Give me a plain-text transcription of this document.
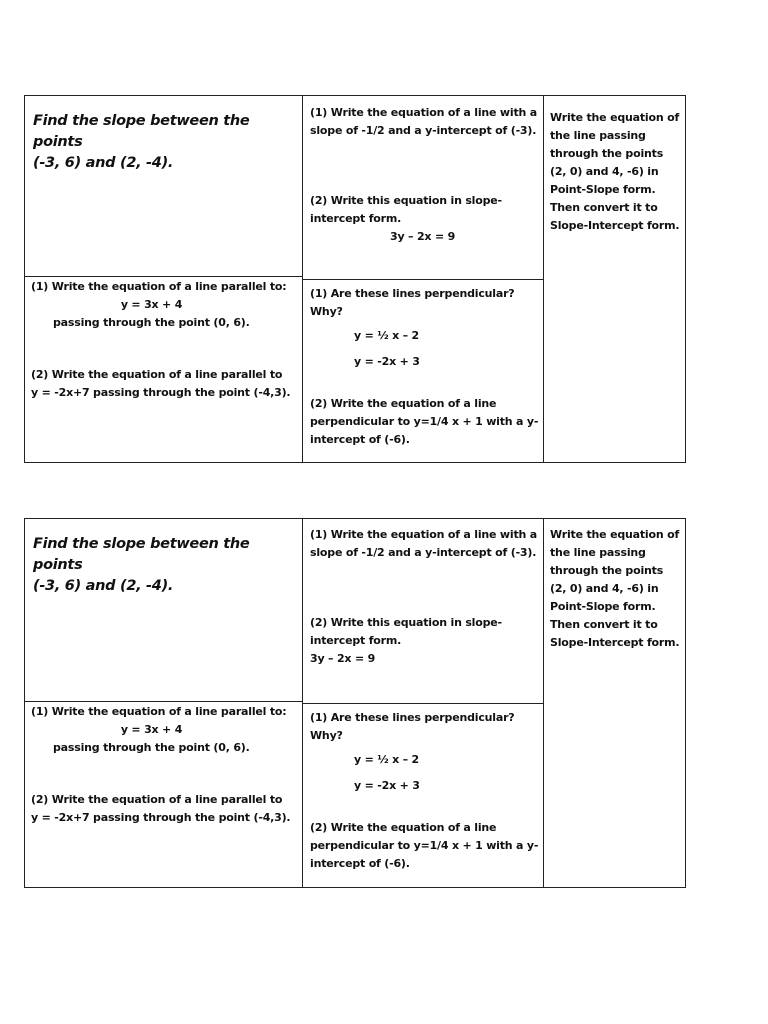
Find the slope between the points

(-3, 6) and (2, -4).

(1) Write the equation of a line with a

slope of -1/2 and a y-intercept of (-3).

(2) Write this equation in slope-

intercept form.

3y – 2x = 9

Write the equation of

the line passing

through the points

(2, 0) and 4, -6) in

Point-Slope form.

Then convert it to

Slope-Intercept form.

(1) Write the equation of a line parallel to:

y = 3x + 4

passing through the point (0, 6).

(2) Write the equation of a line parallel to

y = -2x+7 passing through the point (-4,3).

(1) Are these lines perpendicular?

Why?

y = ½ x – 2

y = -2x + 3

(2) Write the equation of a line

perpendicular to y=1/4 x + 1 with a y-

intercept of (-6).

Find the slope between the points

(-3, 6) and (2, -4).

(1) Write the equation of a line with a

slope of -1/2 and a y-intercept of (-3).

(2) Write this equation in slope-

intercept form.

3y – 2x = 9

Write the equation of

the line passing

through the points

(2, 0) and 4, -6) in

Point-Slope form.

Then convert it to

Slope-Intercept form.

(1) Write the equation of a line parallel to:

y = 3x + 4

passing through the point (0, 6).

(2) Write the equation of a line parallel to

y = -2x+7 passing through the point (-4,3).

(1) Are these lines perpendicular?

Why?

y = ½ x – 2

y = -2x + 3

(2) Write the equation of a line

perpendicular to y=1/4 x + 1 with a y-

intercept of (-6).
